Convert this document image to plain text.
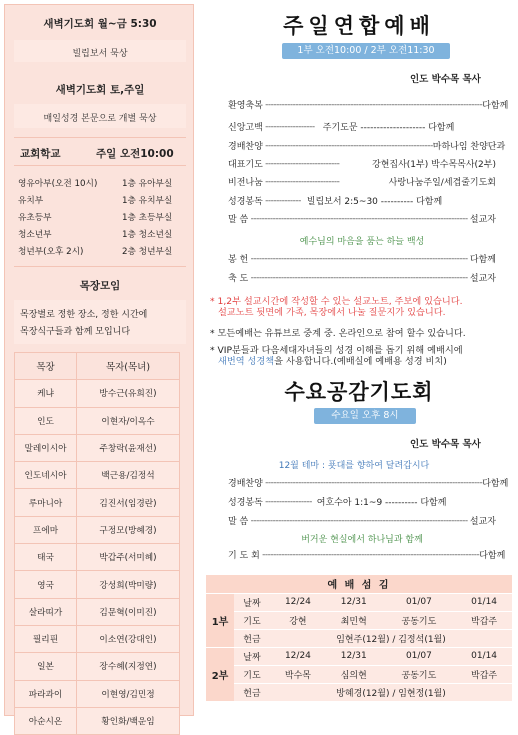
새벽기도회 월~금 5:30
빌립보서 묵상
새벽기도회 토,주일
매일성경 본문으로 개별 묵상
교회학교	주일 오전10:00
영유아부(오전 10시)	1층 유아부실
유치부	1층 유치부실
유초등부	1층 초등부실
청소년부	1층 청소년실
청년부(오후 2시)	2층 청년부실
목장모임
목장별로 정한 장소, 정한 시간에
목장식구들과 함께 모입니다
목장	목자(목녀)
케냐	방수근(유희진)
인도	이현자/이옥수
말레이시아	주창락(윤재선)
인도네시아	백근용/김정석
루마니아	김진서(임경란)
프에마	구정모(방혜경)
태국	박갑주(서미혜)
영국	강성희(박미량)
살라띠가	김문혁(이미진)
필리핀	이소연(강대인)
일본	장수혜(지정연)
파라과이	이현영/김민정
아순시온	황인화/백운임
주일연합예배
1부 오전10:00 / 2부 오전11:30
인도 박수목 목사
환영축복 ------------------------------------------------------------------------------- 다함께
신앙고백 ------------------ 주기도문 -------------------- 다함께
경배찬양 ------------------------------------------------------------- 마하나임 찬양단과
대표기도 ---------------------------	강현집사(1부) 박수목목사(2부)
비전나눔 ---------------------------	사랑나눔주일/세겹줄기도회
성경봉독 ------------- 빌립보서 2:5~30 ---------- 다함께
말 씀 ------------------------------------------------------------------------------- 설교자
예수님의 마음을 품는 하늘 백성
봉 헌 ------------------------------------------------------------------------------- 다함께
축 도 ------------------------------------------------------------------------------- 설교자
* 1,2부 설교시간에 작성할 수 있는 설교노트, 주보에 있습니다.
설교노트 뒷면에 가족, 목장에서 나눌 질문지가 있습니다.
* 모든예배는 유튜브로 중계 중. 온라인으로 참여 할수 있습니다.
* VIP분들과 다음세대자녀들의 성경 이해를 돕기 위해 예배시에
새번역 성경책을 사용합니다.(예배실에 예배용 성경 비치)
수요공감기도회
수요일 오후 8시
인도 박수목 목사
12월 테마 : 푯대를 향하여 달려갑시다
경배찬양 ------------------------------------------------------------------------------- 다함께
성경봉독 ----------------- 여호수아 1:1~9 ---------- 다함께
말 씀 ------------------------------------------------------------------------------- 설교자
버거운 현실에서 하나님과 함께
기 도 회 ------------------------------------------------------------------------------- 다함께
예 배 섬 김					
1부	날짜	12/24	12/31	01/07	01/14
	기도	강현	최민혁	공동기도	박갑주
	헌금	임현주(12월) / 김정석(1월)			
2부	날짜	12/24	12/31	01/07	01/14
	기도	박수목	심의현	공동기도	박갑주
	헌금	방혜경(12월) / 임현정(1월)			
